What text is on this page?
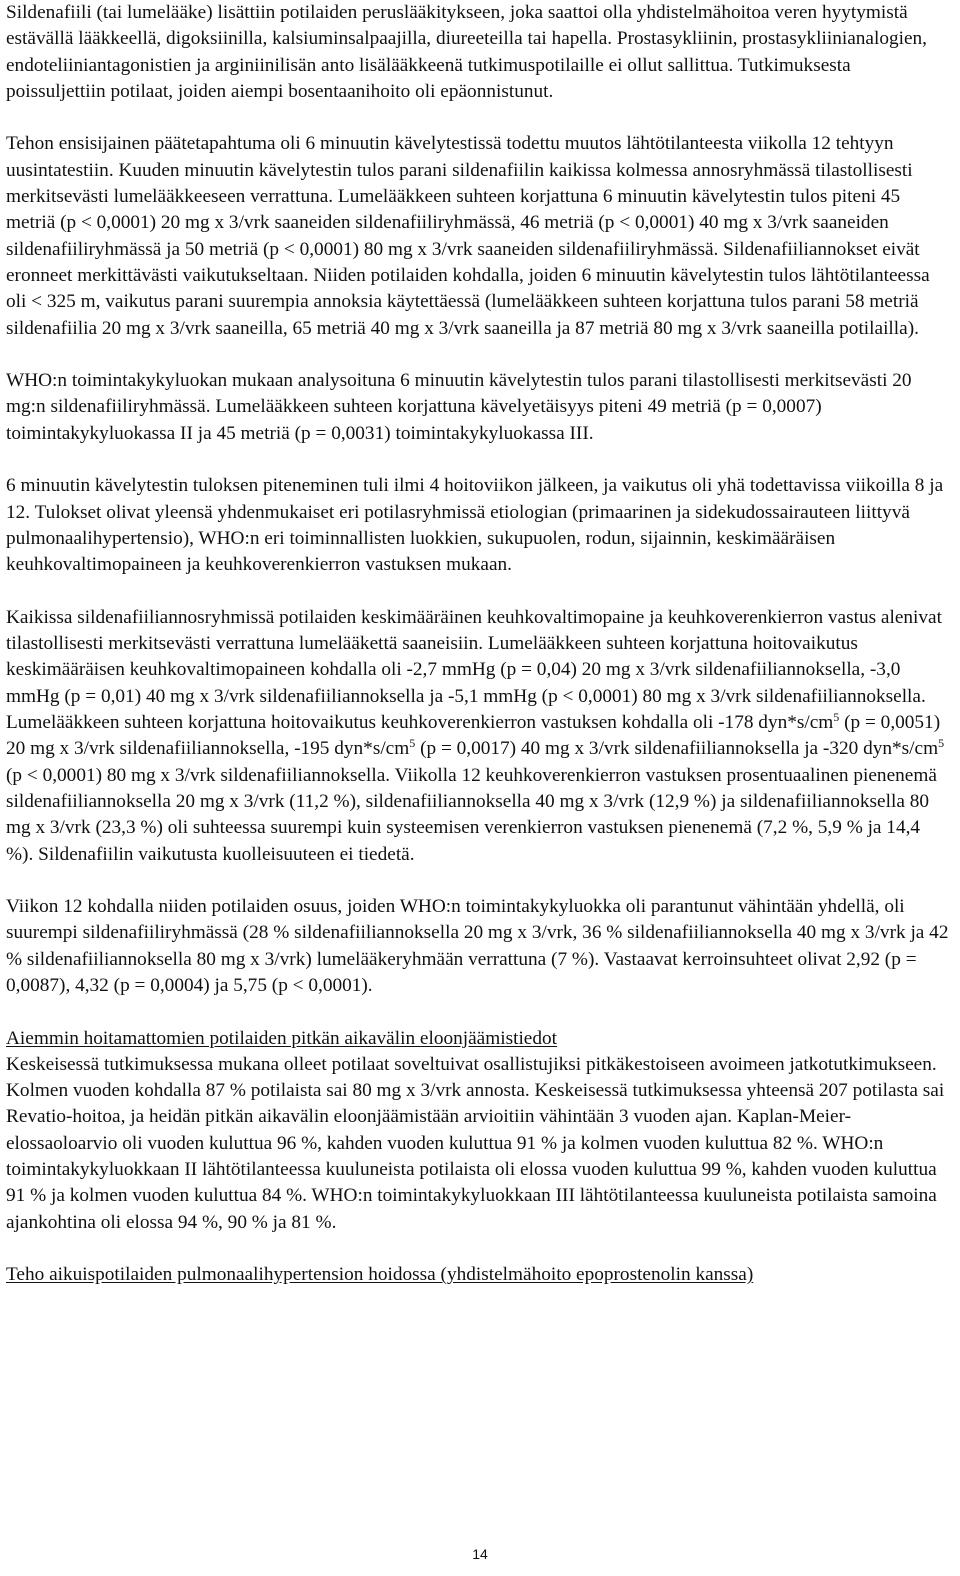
Sildenafiili (tai lumelääke) lisättiin potilaiden peruslääkitykseen, joka saattoi olla yhdistelmähoitoa veren hyytymistä estävällä lääkkeellä, digoksiinilla, kalsiuminsalpaajilla, diureeteilla tai hapella. Prostasykliinin, prostasykliinianalogien, endoteliiniantagonistien ja arginiinilisän anto lisälääkkeenä tutkimuspotilaille ei ollut sallittua. Tutkimuksesta poissuljettiin potilaat, joiden aiempi bosentaanihoito oli epäonnistunut.

Tehon ensisijainen päätetapahtuma oli 6 minuutin kävelytestissä todettu muutos lähtötilanteesta viikolla 12 tehtyyn uusintatestiin. Kuuden minuutin kävelytestin tulos parani sildenafiilin kaikissa kolmessa annosryhmässä tilastollisesti merkitsevästi lumelääkkeeseen verrattuna. Lumelääkkeen suhteen korjattuna 6 minuutin kävelytestin tulos piteni 45 metriä (p < 0,0001) 20 mg x 3/vrk saaneiden sildenafiiliryhmässä, 46 metriä (p < 0,0001) 40 mg x 3/vrk saaneiden sildenafiiliryhmässä ja 50 metriä (p < 0,0001) 80 mg x 3/vrk saaneiden sildenafiiliryhmässä. Sildenafiiliannokset eivät eronneet merkittävästi vaikutukseltaan. Niiden potilaiden kohdalla, joiden 6 minuutin kävelytestin tulos lähtötilanteessa oli < 325 m, vaikutus parani suurempia annoksia käytettäessä (lumelääkkeen suhteen korjattuna tulos parani 58 metriä sildenafiilia 20 mg x 3/vrk saaneilla, 65 metriä 40 mg x 3/vrk saaneilla ja 87 metriä 80 mg x 3/vrk saaneilla potilailla).

WHO:n toimintakykyluokan mukaan analysoituna 6 minuutin kävelytestin tulos parani tilastollisesti merkitsevästi 20 mg:n sildenafiiliryhmässä. Lumelääkkeen suhteen korjattuna kävelyetäisyys piteni 49 metriä (p = 0,0007) toimintakykyluokassa II ja 45 metriä (p = 0,0031) toimintakykyluokassa III.

6 minuutin kävelytestin tuloksen piteneminen tuli ilmi 4 hoitoviikon jälkeen, ja vaikutus oli yhä todettavissa viikoilla 8 ja 12. Tulokset olivat yleensä yhdenmukaiset eri potilasryhmissä etiologian (primaarinen ja sidekudossairauteen liittyvä pulmonaalihypertensio), WHO:n eri toiminnallisten luokkien, sukupuolen, rodun, sijainnin, keskimääräisen keuhkovaltimopaineen ja keuhkoverenkierron vastuksen mukaan.

Kaikissa sildenafiiliannosryhmissä potilaiden keskimääräinen keuhkovaltimopaine ja keuhkoverenkierron vastus alenivat tilastollisesti merkitsevästi verrattuna lumelääkettä saaneisiin. Lumelääkkeen suhteen korjattuna hoitovaikutus keskimääräisen keuhkovaltimopaineen kohdalla oli -2,7 mmHg (p = 0,04) 20 mg x 3/vrk sildenafiiliannoksella, -3,0 mmHg (p = 0,01) 40 mg x 3/vrk sildenafiiliannoksella ja -5,1 mmHg (p < 0,0001) 80 mg x 3/vrk sildenafiiliannoksella. Lumelääkkeen suhteen korjattuna hoitovaikutus keuhkoverenkierron vastuksen kohdalla oli -178 $dyn*s/cm^5$ (p = 0,0051) 20 mg x 3/vrk sildenafiiliannoksella, -195 $dyn*s/cm^5$ (p = 0,0017) 40 mg x 3/vrk sildenafiiliannoksella ja -320 $dyn*s/cm^5$ (p < 0,0001) 80 mg x 3/vrk sildenafiiliannoksella. Viikolla 12 keuhkoverenkierron vastuksen prosentuaalinen pienenemä sildenafiiliannoksella 20 mg x 3/vrk (11,2 %), sildenafiiliannoksella 40 mg x 3/vrk (12,9 %) ja sildenafiiliannoksella 80 mg x 3/vrk (23,3 %) oli suhteessa suurempi kuin systeemisen verenkierron vastuksen pienenemä (7,2 %, 5,9 % ja 14,4 %). Sildenafiilin vaikutusta kuolleisuuteen ei tiedetä.

Viikon 12 kohdalla niiden potilaiden osuus, joiden WHO:n toimintakykyluokka oli parantunut vähintään yhdellä, oli suurempi sildenafiiliryhmässä (28 % sildenafiiliannoksella 20 mg x 3/vrk, 36 % sildenafiiliannoksella 40 mg x 3/vrk ja 42 % sildenafiiliannoksella 80 mg x 3/vrk) lumelääkeryhmään verrattuna (7 %). Vastaavat kerroinsuhteet olivat 2,92 (p = 0,0087), 4,32 (p = 0,0004) ja 5,75 (p < 0,0001).

Aiemmin hoitamattomien potilaiden pitkän aikavälin eloonjäämistiedot

Keskeisessä tutkimuksessa mukana olleet potilaat soveltuivat osallistujiksi pitkäkestoiseen avoimeen jatkotutkimukseen. Kolmen vuoden kohdalla 87 % potilaista sai 80 mg x 3/vrk annosta. Keskeisessä tutkimuksessa yhteensä 207 potilasta sai Revatio-hoitoa, ja heidän pitkän aikavälin eloonjäämistään arvioitiin vähintään 3 vuoden ajan. Kaplan-Meier-elossaoloarvio oli vuoden kuluttua 96 %, kahden vuoden kuluttua 91 % ja kolmen vuoden kuluttua 82 %. WHO:n toimintakykyluokkaan II lähtötilanteessa kuuluneista potilaista oli elossa vuoden kuluttua 99 %, kahden vuoden kuluttua 91 % ja kolmen vuoden kuluttua 84 %. WHO:n toimintakykyluokkaan III lähtötilanteessa kuuluneista potilaista samoina ajankohtina oli elossa 94 %, 90 % ja 81 %.

Teho aikuispotilaiden pulmonaalihypertension hoidossa (yhdistelmähoito epoprostenolin kanssa)

14
